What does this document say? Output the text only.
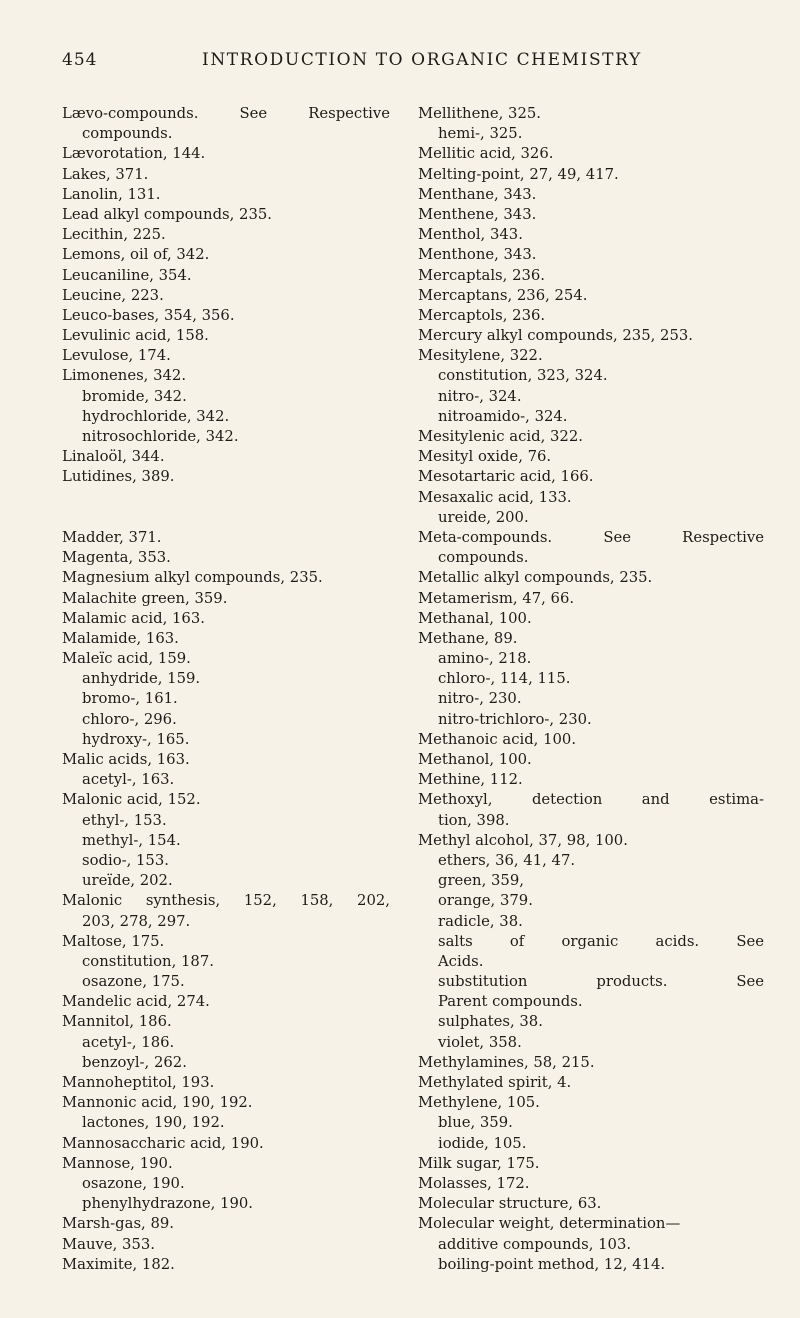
454	INTRODUCTION TO ORGANIC CHEMISTRY
Lævo-compounds. See Respective
compounds.
Lævorotation, 144.
Lakes, 371.
Lanolin, 131.
Lead alkyl compounds, 235.
Lecithin, 225.
Lemons, oil of, 342.
Leucaniline, 354.
Leucine, 223.
Leuco-bases, 354, 356.
Levulinic acid, 158.
Levulose, 174.
Limonenes, 342.
bromide, 342.
hydrochloride, 342.
nitrosochloride, 342.
Linaloöl, 344.
Lutidines, 389.
Madder, 371.
Magenta, 353.
Magnesium alkyl compounds, 235.
Malachite green, 359.
Malamic acid, 163.
Malamide, 163.
Maleïc acid, 159.
anhydride, 159.
bromo-, 161.
chloro-, 296.
hydroxy-, 165.
Malic acids, 163.
acetyl-, 163.
Malonic acid, 152.
ethyl-, 153.
methyl-, 154.
sodio-, 153.
ureïde, 202.
Malonic synthesis, 152, 158, 202,
203, 278, 297.
Maltose, 175.
constitution, 187.
osazone, 175.
Mandelic acid, 274.
Mannitol, 186.
acetyl-, 186.
benzoyl-, 262.
Mannoheptitol, 193.
Mannonic acid, 190, 192.
lactones, 190, 192.
Mannosaccharic acid, 190.
Mannose, 190.
osazone, 190.
phenylhydrazone, 190.
Marsh-gas, 89.
Mauve, 353.
Maximite, 182.
Mellithene, 325.
hemi-, 325.
Mellitic acid, 326.
Melting-point, 27, 49, 417.
Menthane, 343.
Menthene, 343.
Menthol, 343.
Menthone, 343.
Mercaptals, 236.
Mercaptans, 236, 254.
Mercaptols, 236.
Mercury alkyl compounds, 235, 253.
Mesitylene, 322.
constitution, 323, 324.
nitro-, 324.
nitroamido-, 324.
Mesitylenic acid, 322.
Mesityl oxide, 76.
Mesotartaric acid, 166.
Mesaxalic acid, 133.
ureide, 200.
Meta-compounds. See Respective
compounds.
Metallic alkyl compounds, 235.
Metamerism, 47, 66.
Methanal, 100.
Methane, 89.
amino-, 218.
chloro-, 114, 115.
nitro-, 230.
nitro-trichloro-, 230.
Methanoic acid, 100.
Methanol, 100.
Methine, 112.
Methoxyl, detection and estima-
tion, 398.
Methyl alcohol, 37, 98, 100.
ethers, 36, 41, 47.
green, 359,
orange, 379.
radicle, 38.
salts of organic acids. See
Acids.
substitution products. See
Parent compounds.
sulphates, 38.
violet, 358.
Methylamines, 58, 215.
Methylated spirit, 4.
Methylene, 105.
blue, 359.
iodide, 105.
Milk sugar, 175.
Molasses, 172.
Molecular structure, 63.
Molecular weight, determination—
additive compounds, 103.
boiling-point method, 12, 414.
